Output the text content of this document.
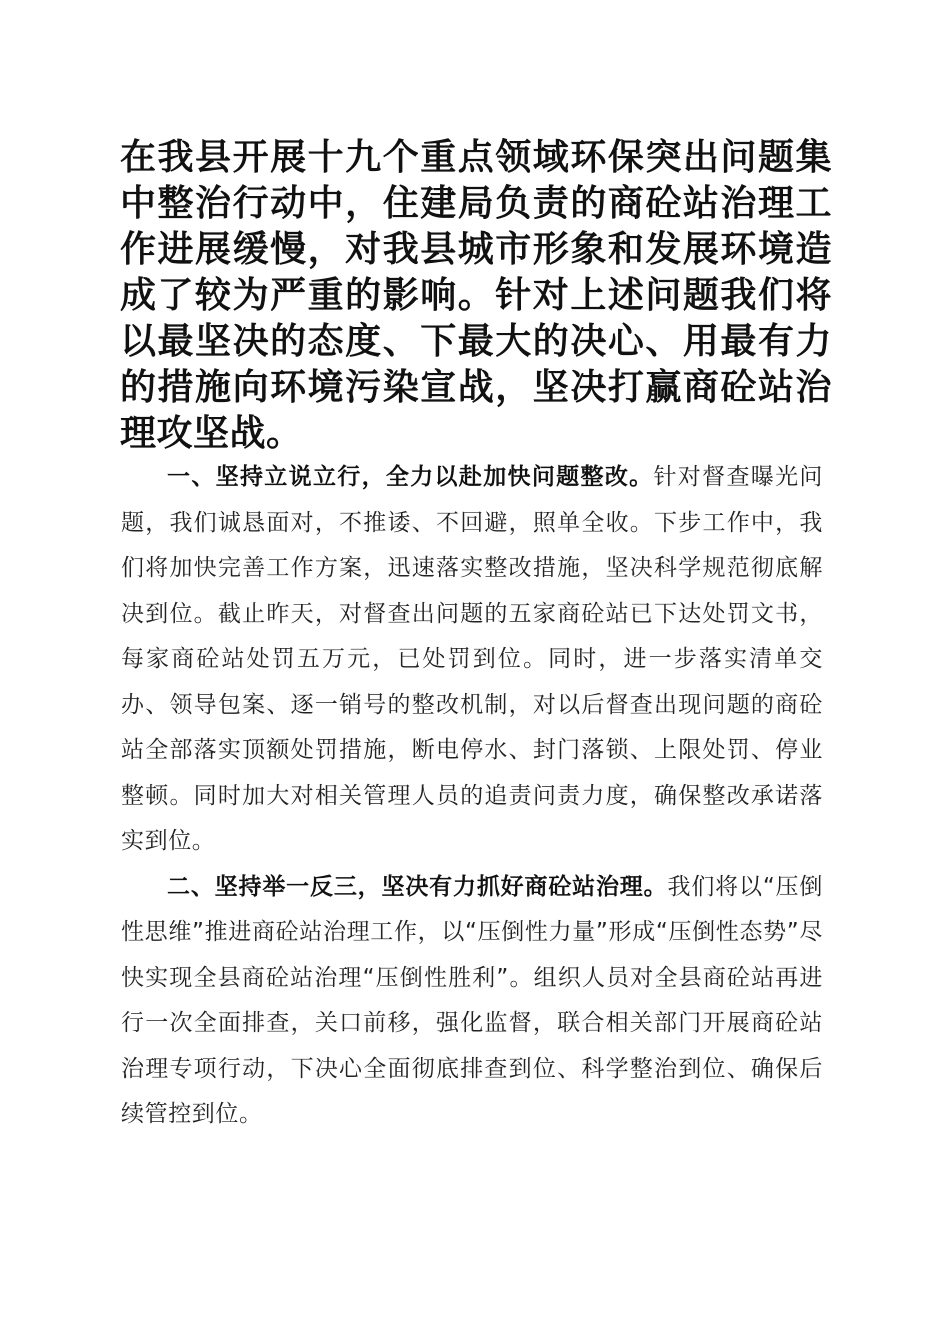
在我县开展十九个重点领域环保突出问题集中整治行动中，住建局负责的商砼站治理工作进展缓慢，对我县城市形象和发展环境造成了较为严重的影响。针对上述问题我们将以最坚决的态度、下最大的决心、用最有力的措施向环境污染宣战，坚决打赢商砼站治理攻坚战。

一、坚持立说立行，全力以赴加快问题整改。针对督查曝光问题，我们诚恳面对，不推诿、不回避，照单全收。下步工作中，我们将加快完善工作方案，迅速落实整改措施，坚决科学规范彻底解决到位。截止昨天，对督查出问题的五家商砼站已下达处罚文书，每家商砼站处罚五万元，已处罚到位。同时，进一步落实清单交办、领导包案、逐一销号的整改机制，对以后督查出现问题的商砼站全部落实顶额处罚措施，断电停水、封门落锁、上限处罚、停业整顿。同时加大对相关管理人员的追责问责力度，确保整改承诺落实到位。

二、坚持举一反三，坚决有力抓好商砼站治理。我们将以“压倒性思维”推进商砼站治理工作，以“压倒性力量”形成“压倒性态势”尽快实现全县商砼站治理“压倒性胜利”。组织人员对全县商砼站再进行一次全面排查，关口前移，强化监督，联合相关部门开展商砼站治理专项行动，下决心全面彻底排查到位、科学整治到位、确保后续管控到位。
